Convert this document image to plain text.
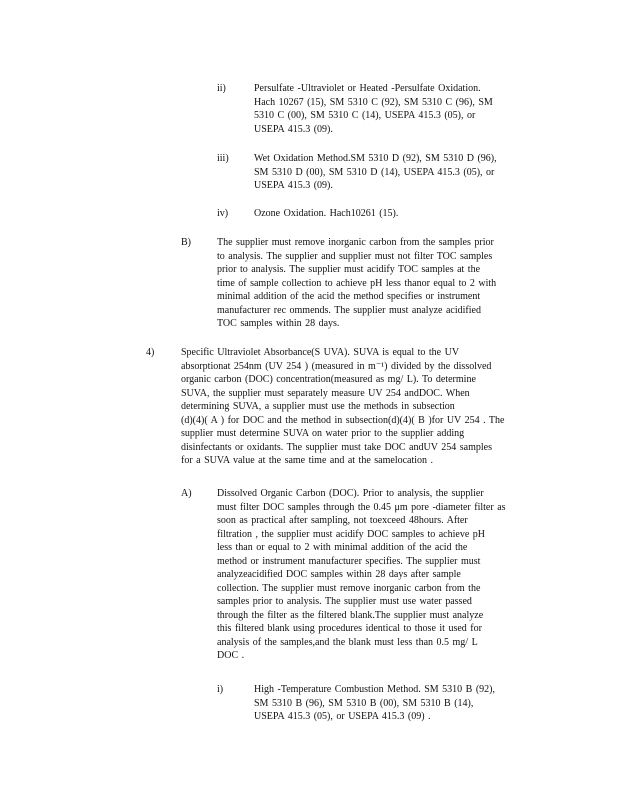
ii)	Persulfate -Ultraviolet or Heated -Persulfate Oxidation.
Hach 10267 (15), SM 5310 C (92), SM 5310 C (96), SM
5310 C (00), SM 5310 C (14), USEPA 415.3 (05), or
USEPA 415.3 (09).
iii)	Wet Oxidation Method.SM 5310 D (92), SM 5310 D (96),
SM 5310 D (00), SM 5310 D (14), USEPA 415.3 (05), or
USEPA 415.3 (09).
iv)	Ozone Oxidation. Hach10261 (15).
B)	The supplier must remove inorganic carbon from the samples prior
to analysis. The supplier and supplier must not filter TOC samples
prior to analysis. The supplier must acidify TOC samples at the
time of sample collection to achieve pH less thanor equal to 2 with
minimal addition of the acid the method specifies or instrument
manufacturer rec ommends. The supplier must analyze acidified
TOC samples within 28 days.
4)	Specific Ultraviolet Absorbance(S UVA). SUVA is equal to the UV
absorptionat 254nm (UV 254 ) (measured in m⁻¹) divided by the dissolved
organic carbon (DOC) concentration(measured as mg/ L). To determine
SUVA, the supplier must separately measure UV 254 andDOC. When
determining SUVA, a supplier must use the methods in subsection
(d)(4)( A ) for DOC and the method in subsection(d)(4)( B )for UV 254 . The
supplier must determine SUVA on water prior to the supplier adding
disinfectants or oxidants. The supplier must take DOC andUV 254 samples
for a SUVA value at the same time and at the samelocation .
A)	Dissolved Organic Carbon (DOC). Prior to analysis, the supplier
must filter DOC samples through the 0.45 μm pore -diameter filter as
soon as practical after sampling, not toexceed 48hours. After
filtration , the supplier must acidify DOC samples to achieve pH
less than or equal to 2 with minimal addition of the acid the
method or instrument manufacturer specifies. The supplier must
analyzeacidified DOC samples within 28 days after sample
collection. The supplier must remove inorganic carbon from the
samples prior to analysis. The supplier must use water passed
through the filter as the filtered blank.The supplier must analyze
this filtered blank using procedures identical to those it used for
analysis of the samples,and the blank must less than 0.5 mg/ L
DOC .
i)	High -Temperature Combustion Method. SM 5310 B (92),
SM 5310 B (96), SM 5310 B (00), SM 5310 B (14),
USEPA 415.3 (05), or USEPA 415.3 (09) .
